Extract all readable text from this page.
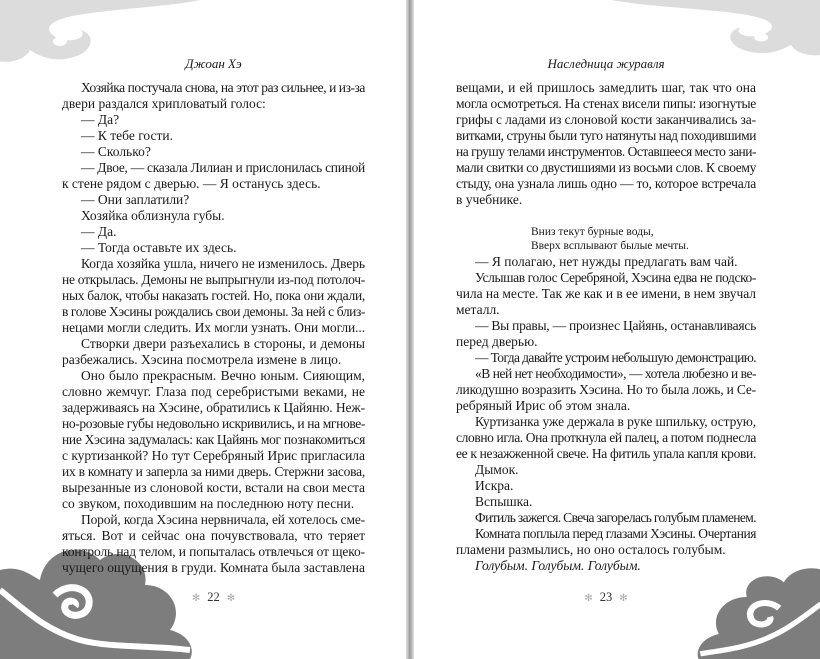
Джоан Хэ
Хозяйка постучала снова, на этот раз сильнее, и из-за
двери раздался хрипловатый голос:
— Да?
— К тебе гости.
— Сколько?
— Двое, — сказала Лилиан и прислонилась спиной
к стене рядом с дверью. — Я останусь здесь.
— Они заплатили?
Хозяйка облизнула губы.
— Да.
— Тогда оставьте их здесь.
Когда хозяйка ушла, ничего не изменилось. Дверь
не открылась. Демоны не выпрыгнули из-под потолоч-
ных балок, чтобы наказать гостей. Но, пока они ждали,
в голове Хэсины рождались свои демоны. За ней с близ-
нецами могли следить. Их могли узнать. Они могли...
Створки двери разъехались в стороны, и демоны
разбежались. Хэсина посмотрела измене в лицо.
Оно было прекрасным. Вечно юным. Сияющим,
словно жемчуг. Глаза под серебристыми веками, не
задерживаясь на Хэсине, обратились к Цайяню. Неж-
но-розовые губы недовольно искривились, и на мгнове-
ние Хэсина задумалась: как Цайянь мог познакомиться
с куртизанкой? Но тут Серебряный Ирис пригласила
их в комнату и заперла за ними дверь. Стержни засова,
вырезанные из слоновой кости, встали на свои места
со звуком, походившим на последнюю ноту песни.
Порой, когда Хэсина нервничала, ей хотелось сме-
яться. Вот и сейчас она почувствовала, что теряет
контроль над телом, и попыталась отвлечься от щеко-
чущего ощущения в груди. Комната была заставлена
✻ 22 ✻
Наследница журавля
вещами, и ей пришлось замедлить шаг, так что она
могла осмотреться. На стенах висели пипы: изогнутые
грифы с ладами из слоновой кости заканчивались за-
витками, струны были туго натянуты над походившими
на грушу телами инструментов. Оставшееся место зани-
мали свитки со двустишиями из восьми слов. К своему
стыду, она узнала лишь одно — то, которое встречала
в учебнике.
Вниз текут бурные воды,
Вверх всплывают былые мечты.
— Я полагаю, нет нужды предлагать вам чай.
Услышав голос Серебряной, Хэсина едва не подско-
чила на месте. Так же как и в ее имени, в нем звучал
металл.
— Вы правы, — произнес Цайянь, останавливаясь
перед дверью.
— Тогда давайте устроим небольшую демонстрацию.
«В ней нет необходимости», — хотела любезно и ве-
ликодушно возразить Хэсина. Но то была ложь, и Се-
ребряный Ирис об этом знала.
Куртизанка уже держала в руке шпильку, острую,
словно игла. Она проткнула ей палец, а потом поднесла
ее к незажженной свече. На фитиль упала капля крови.
Дымок.
Искра.
Вспышка.
Фитиль зажегся. Свеча загорелась голубым пламенем.
Комната поплыла перед глазами Хэсины. Очертания
пламени размылись, но оно осталось голубым.
Голубым. Голубым. Голубым.
✻ 23 ✻
